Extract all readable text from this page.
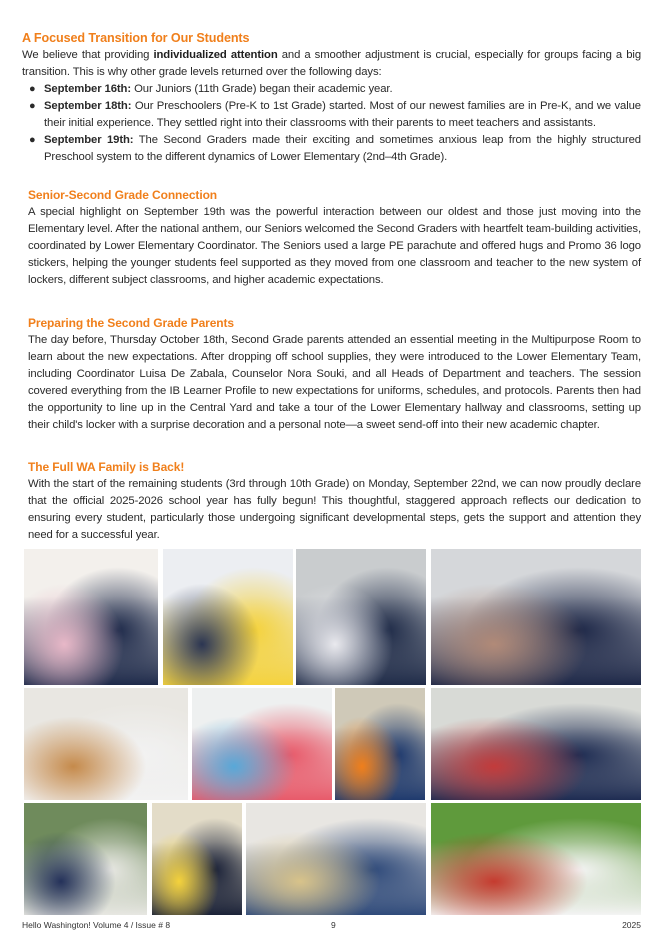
A Focused Transition for Our Students

We believe that providing individualized attention and a smoother adjustment is crucial, especially for groups facing a big transition. This is why other grade levels returned over the following days:

● September 16th: Our Juniors (11th Grade) began their academic year.
● September 18th: Our Preschoolers (Pre-K to 1st Grade) started. Most of our newest families are in Pre-K, and we value their initial experience. They settled right into their classrooms with their parents to meet teachers and assistants.
● September 19th: The Second Graders made their exciting and sometimes anxious leap from the highly structured Preschool system to the different dynamics of Lower Elementary (2nd–4th Grade).
Senior-Second Grade Connection

A special highlight on September 19th was the powerful interaction between our oldest and those just moving into the Elementary level. After the national anthem, our Seniors welcomed the Second Graders with heartfelt team-building activities, coordinated by Lower Elementary Coordinator. The Seniors used a large PE parachute and offered hugs and Promo 36 logo stickers, helping the younger students feel supported as they moved from one classroom and teacher to the new system of lockers, different subject classrooms, and higher academic expectations.

Preparing the Second Grade Parents

The day before, Thursday October 18th, Second Grade parents attended an essential meeting in the Multipurpose Room to learn about the new expectations. After dropping off school supplies, they were introduced to the Lower Elementary Team, including Coordinator Luisa De Zabala, Counselor Nora Souki, and all Heads of Department and teachers. The session covered everything from the IB Learner Profile to new expectations for uniforms, schedules, and protocols. Parents then had the opportunity to line up in the Central Yard and take a tour of the Lower Elementary hallway and classrooms, setting up their child's locker with a surprise decoration and a personal note—a sweet send-off into their new academic chapter.

The Full WA Family is Back!

With the start of the remaining students (3rd through 10th Grade) on Monday, September 22nd, we can now proudly declare that the official 2025-2026 school year has fully begun! This thoughtful, staggered approach reflects our dedication to ensuring every student, particularly those undergoing significant developmental steps, gets the support and attention they need for a successful year.

Hello Washington! Volume 4 / Issue # 8	9	2025
